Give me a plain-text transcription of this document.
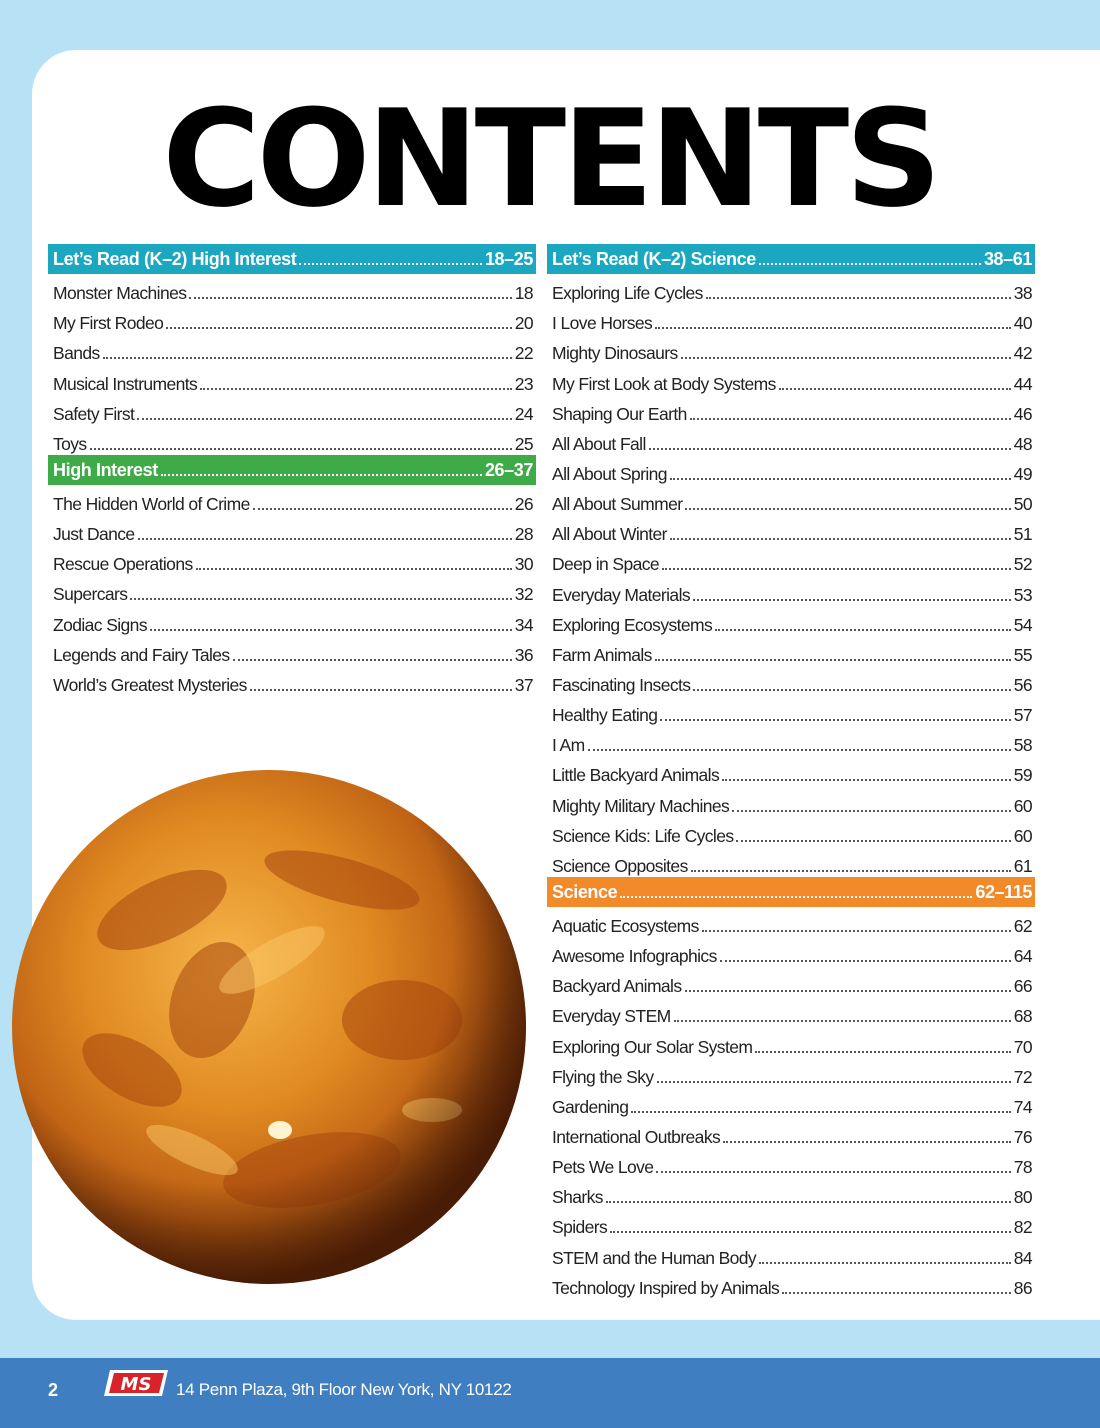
CONTENTS
Let’s Read (K–2) High Interest	18–25
Monster Machines	18
My First Rodeo	20
Bands	22
Musical Instruments	23
Safety First	24
Toys	25
High Interest	26–37
The Hidden World of Crime	26
Just Dance	28
Rescue Operations	30
Supercars	32
Zodiac Signs	34
Legends and Fairy Tales	36
World’s Greatest Mysteries	37
Let’s Read (K–2) Science	38–61
Exploring Life Cycles	38
I Love Horses	40
Mighty Dinosaurs	42
My First Look at Body Systems	44
Shaping Our Earth	46
All About Fall	48
All About Spring	49
All About Summer	50
All About Winter	51
Deep in Space	52
Everyday Materials	53
Exploring Ecosystems	54
Farm Animals	55
Fascinating Insects	56
Healthy Eating	57
I Am	58
Little Backyard Animals	59
Mighty Military Machines	60
Science Kids: Life Cycles	60
Science Opposites	61
Science	62–115
Aquatic Ecosystems	62
Awesome Infographics	64
Backyard Animals	66
Everyday STEM	68
Exploring Our Solar System	70
Flying the Sky	72
Gardening	74
International Outbreaks	76
Pets We Love	78
Sharks	80
Spiders	82
STEM and the Human Body	84
Technology Inspired by Animals	86
2	MS 14 Penn Plaza, 9th Floor New York, NY 10122
